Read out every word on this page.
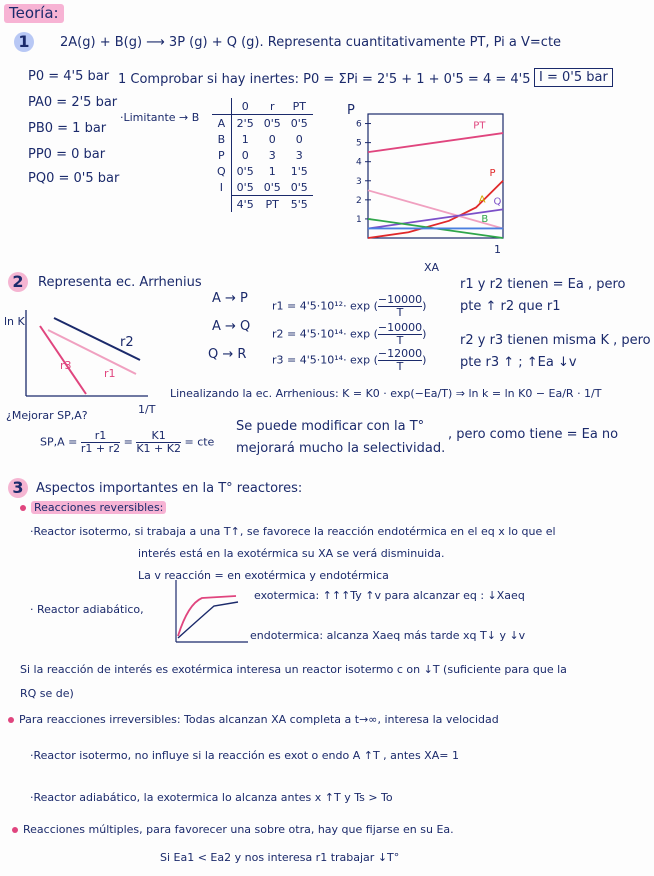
Teoría:
1	2A(g) + B(g) ⟶ 3P (g) + Q (g). Representa cuantitativamente PT, Pi a V=cte
P0 = 4'5 bar
PA0 = 2'5 bar
PB0 = 1 bar
PP0 = 0 bar
PQ0 = 0'5 bar
1 Comprobar si hay inertes: P0 = ΣPi = 2'5 + 1 + 0'5 = 4 = 4'5 I = 0'5 bar
·Limitante → B
	0	r	PT
A	2'5	0'5	0'5
B	1	0	0
P	0	3	3
Q	0'5	1	1'5
I	0'5	0'5	0'5
	4'5	PT	5'5
P
XA
1
1
2
3
4
5
6	PT
P
A Q
B
2	Representa ec. Arrhenius
ln K
1/T
r2
r1
r3
A → P
r1 = 4'5·10¹²· exp ( $\frac{-10000}{T}$ )
A → Q
r2 = 4'5·10¹⁴· exp ( $\frac{-10000}{T}$ )
Q → R r3 = 4'5·10¹⁴· exp ( $\frac{-12000}{T}$ )
r1 y r2 tienen = Ea , pero
pte ↑ r2 que r1
r2 y r3 tienen misma K , pero
pte r3 ↑ ; ↑Ea ↓v
Linealizando la ec. Arrhenious: K = K0 · exp(−Ea/T) ⇒ ln k = ln K0 − Ea/R · 1/T
¿Mejorar SP,A?
$SP,A = \frac{r1}{r1 + r2} = \frac{K1}{K1 + K2}$ = cte
Se puede modificar con la T°
, pero como tiene = Ea no
mejorará mucho la selectividad.
3 Aspectos importantes en la T° reactores:
Reacciones reversibles:
·Reactor isotermo, si trabaja a una T↑, se favorece la reacción endotérmica en el eq x lo que el
interés está en la exotérmica su XA se verá disminuida.
La v reacción = en exotérmica y endotérmica
· Reactor adiabático,
exotermica: ↑↑↑Ty ↑v para alcanzar eq : ↓Xaeq
endotermica: alcanza Xaeq más tarde xq T↓ y ↓v
Si la reacción de interés es exotérmica interesa un reactor isotermo c on ↓T (suficiente para que la
RQ se de)
Para reacciones irreversibles: Todas alcanzan XA completa a t→∞, interesa la velocidad
·Reactor isotermo, no influye si la reacción es exot o endo A ↑T , antes XA= 1
·Reactor adiabático, la exotermica lo alcanza antes x ↑T y Ts > To
Reacciones múltiples, para favorecer una sobre otra, hay que fijarse en su Ea.
Si Ea1 < Ea2 y nos interesa r1 trabajar ↓T°
